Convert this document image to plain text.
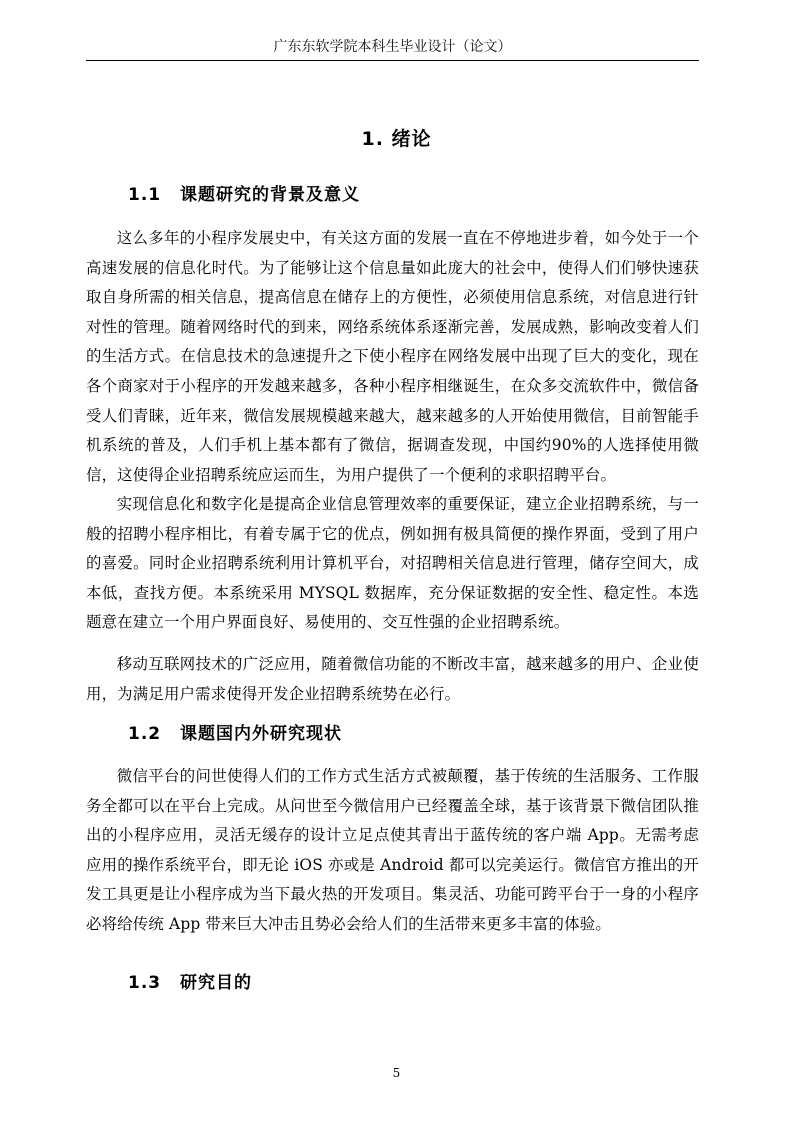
广东东软学院本科生毕业设计（论文）
1. 绪论
1.1 课题研究的背景及意义
这么多年的小程序发展史中，有关这方面的发展一直在不停地进步着，如今处于一个高速发展的信息化时代。为了能够让这个信息量如此庞大的社会中，使得人们们够快速获取自身所需的相关信息，提高信息在储存上的方便性，必须使用信息系统，对信息进行针对性的管理。随着网络时代的到来，网络系统体系逐渐完善，发展成熟，影响改变着人们的生活方式。在信息技术的急速提升之下使小程序在网络发展中出现了巨大的变化，现在各个商家对于小程序的开发越来越多，各种小程序相继诞生，在众多交流软件中，微信备受人们青睐，近年来，微信发展规模越来越大，越来越多的人开始使用微信，目前智能手机系统的普及，人们手机上基本都有了微信，据调查发现，中国约90%的人选择使用微信，这使得企业招聘系统应运而生，为用户提供了一个便利的求职招聘平台。
实现信息化和数字化是提高企业信息管理效率的重要保证，建立企业招聘系统，与一般的招聘小程序相比，有着专属于它的优点，例如拥有极具简便的操作界面，受到了用户的喜爱。同时企业招聘系统利用计算机平台，对招聘相关信息进行管理，储存空间大，成本低，查找方便。本系统采用 MYSQL 数据库，充分保证数据的安全性、稳定性。本选题意在建立一个用户界面良好、易使用的、交互性强的企业招聘系统。
移动互联网技术的广泛应用，随着微信功能的不断改丰富，越来越多的用户、企业使用，为满足用户需求使得开发企业招聘系统势在必行。
1.2 课题国内外研究现状
微信平台的问世使得人们的工作方式生活方式被颠覆，基于传统的生活服务、工作服务全都可以在平台上完成。从问世至今微信用户已经覆盖全球，基于该背景下微信团队推出的小程序应用，灵活无缓存的设计立足点使其青出于蓝传统的客户端 App。无需考虑应用的操作系统平台，即无论 iOS 亦或是 Android 都可以完美运行。微信官方推出的开发工具更是让小程序成为当下最火热的开发项目。集灵活、功能可跨平台于一身的小程序必将给传统 App 带来巨大冲击且势必会给人们的生活带来更多丰富的体验。
1.3 研究目的
5
